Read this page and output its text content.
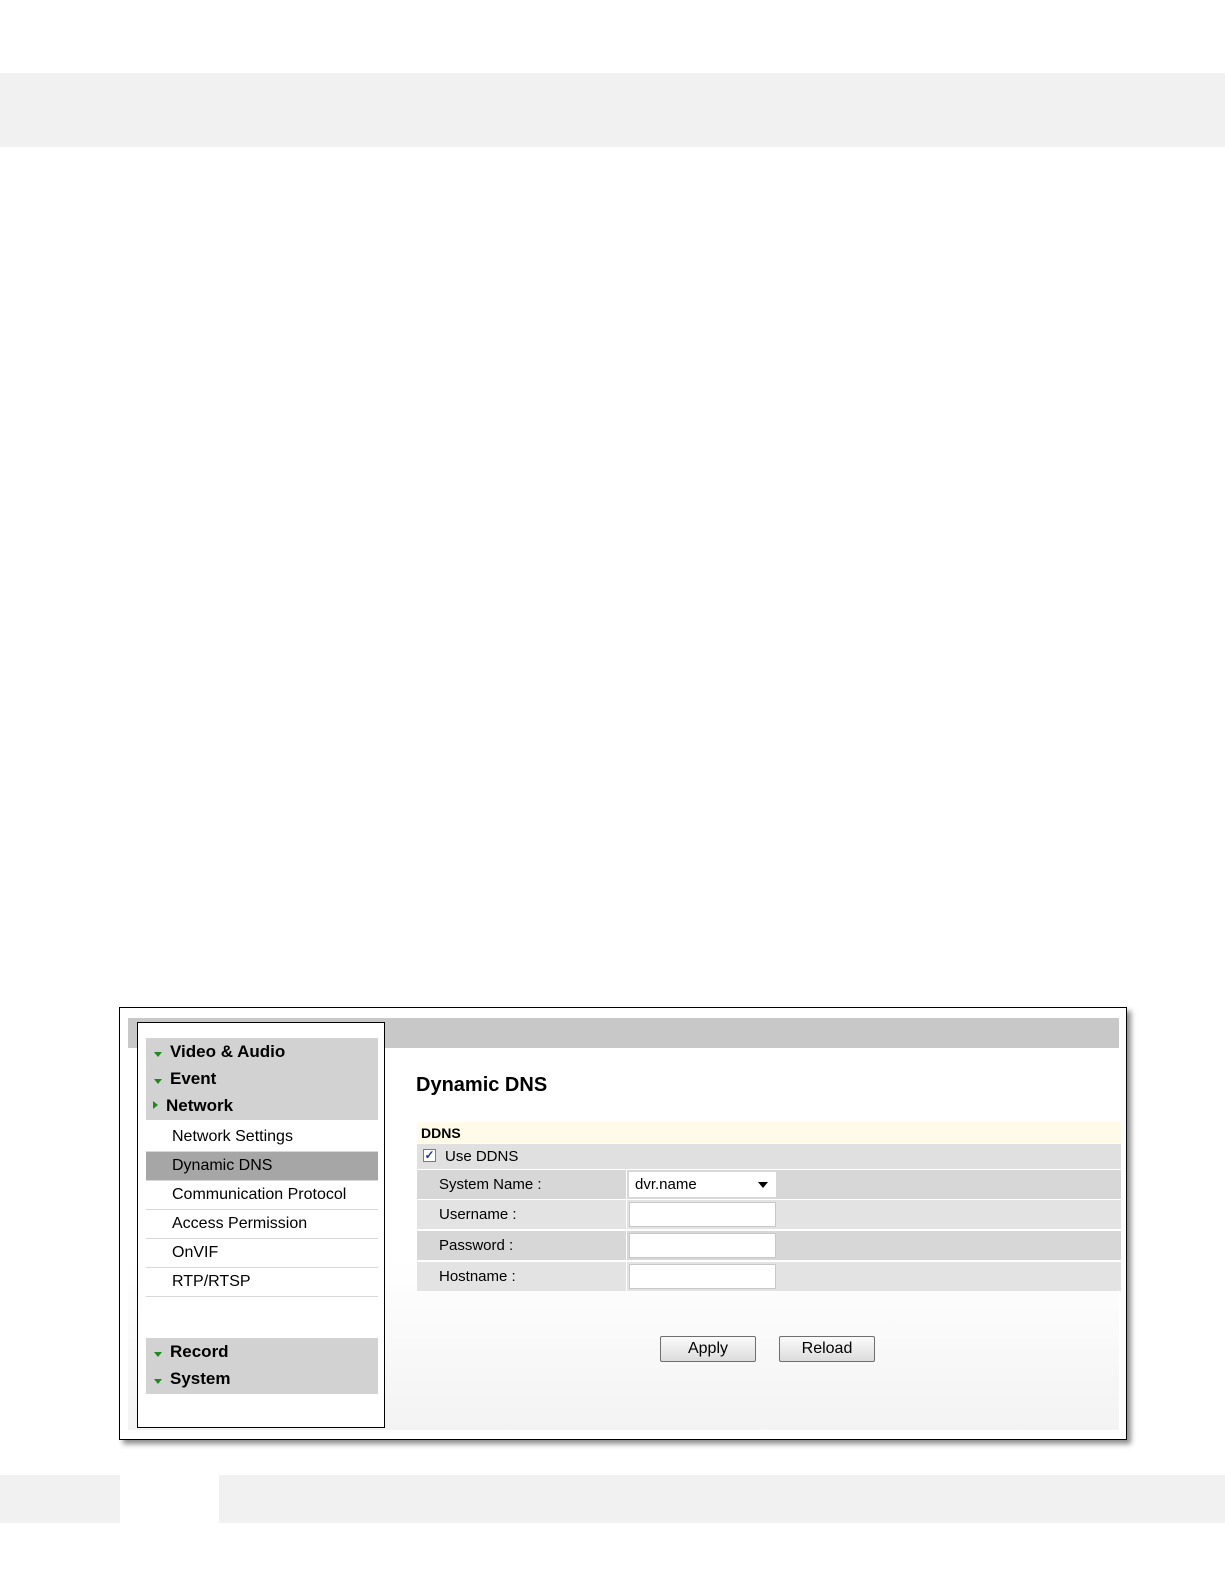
Video & Audio
Event
Network
Network Settings
Dynamic DNS
Communication Protocol
Access Permission
OnVIF
RTP/RTSP
Record
System
Dynamic DNS
DDNS
✓ Use DDNS
System Name :	dvr.name
Username :
Password :
Hostname :
Apply	Reload
